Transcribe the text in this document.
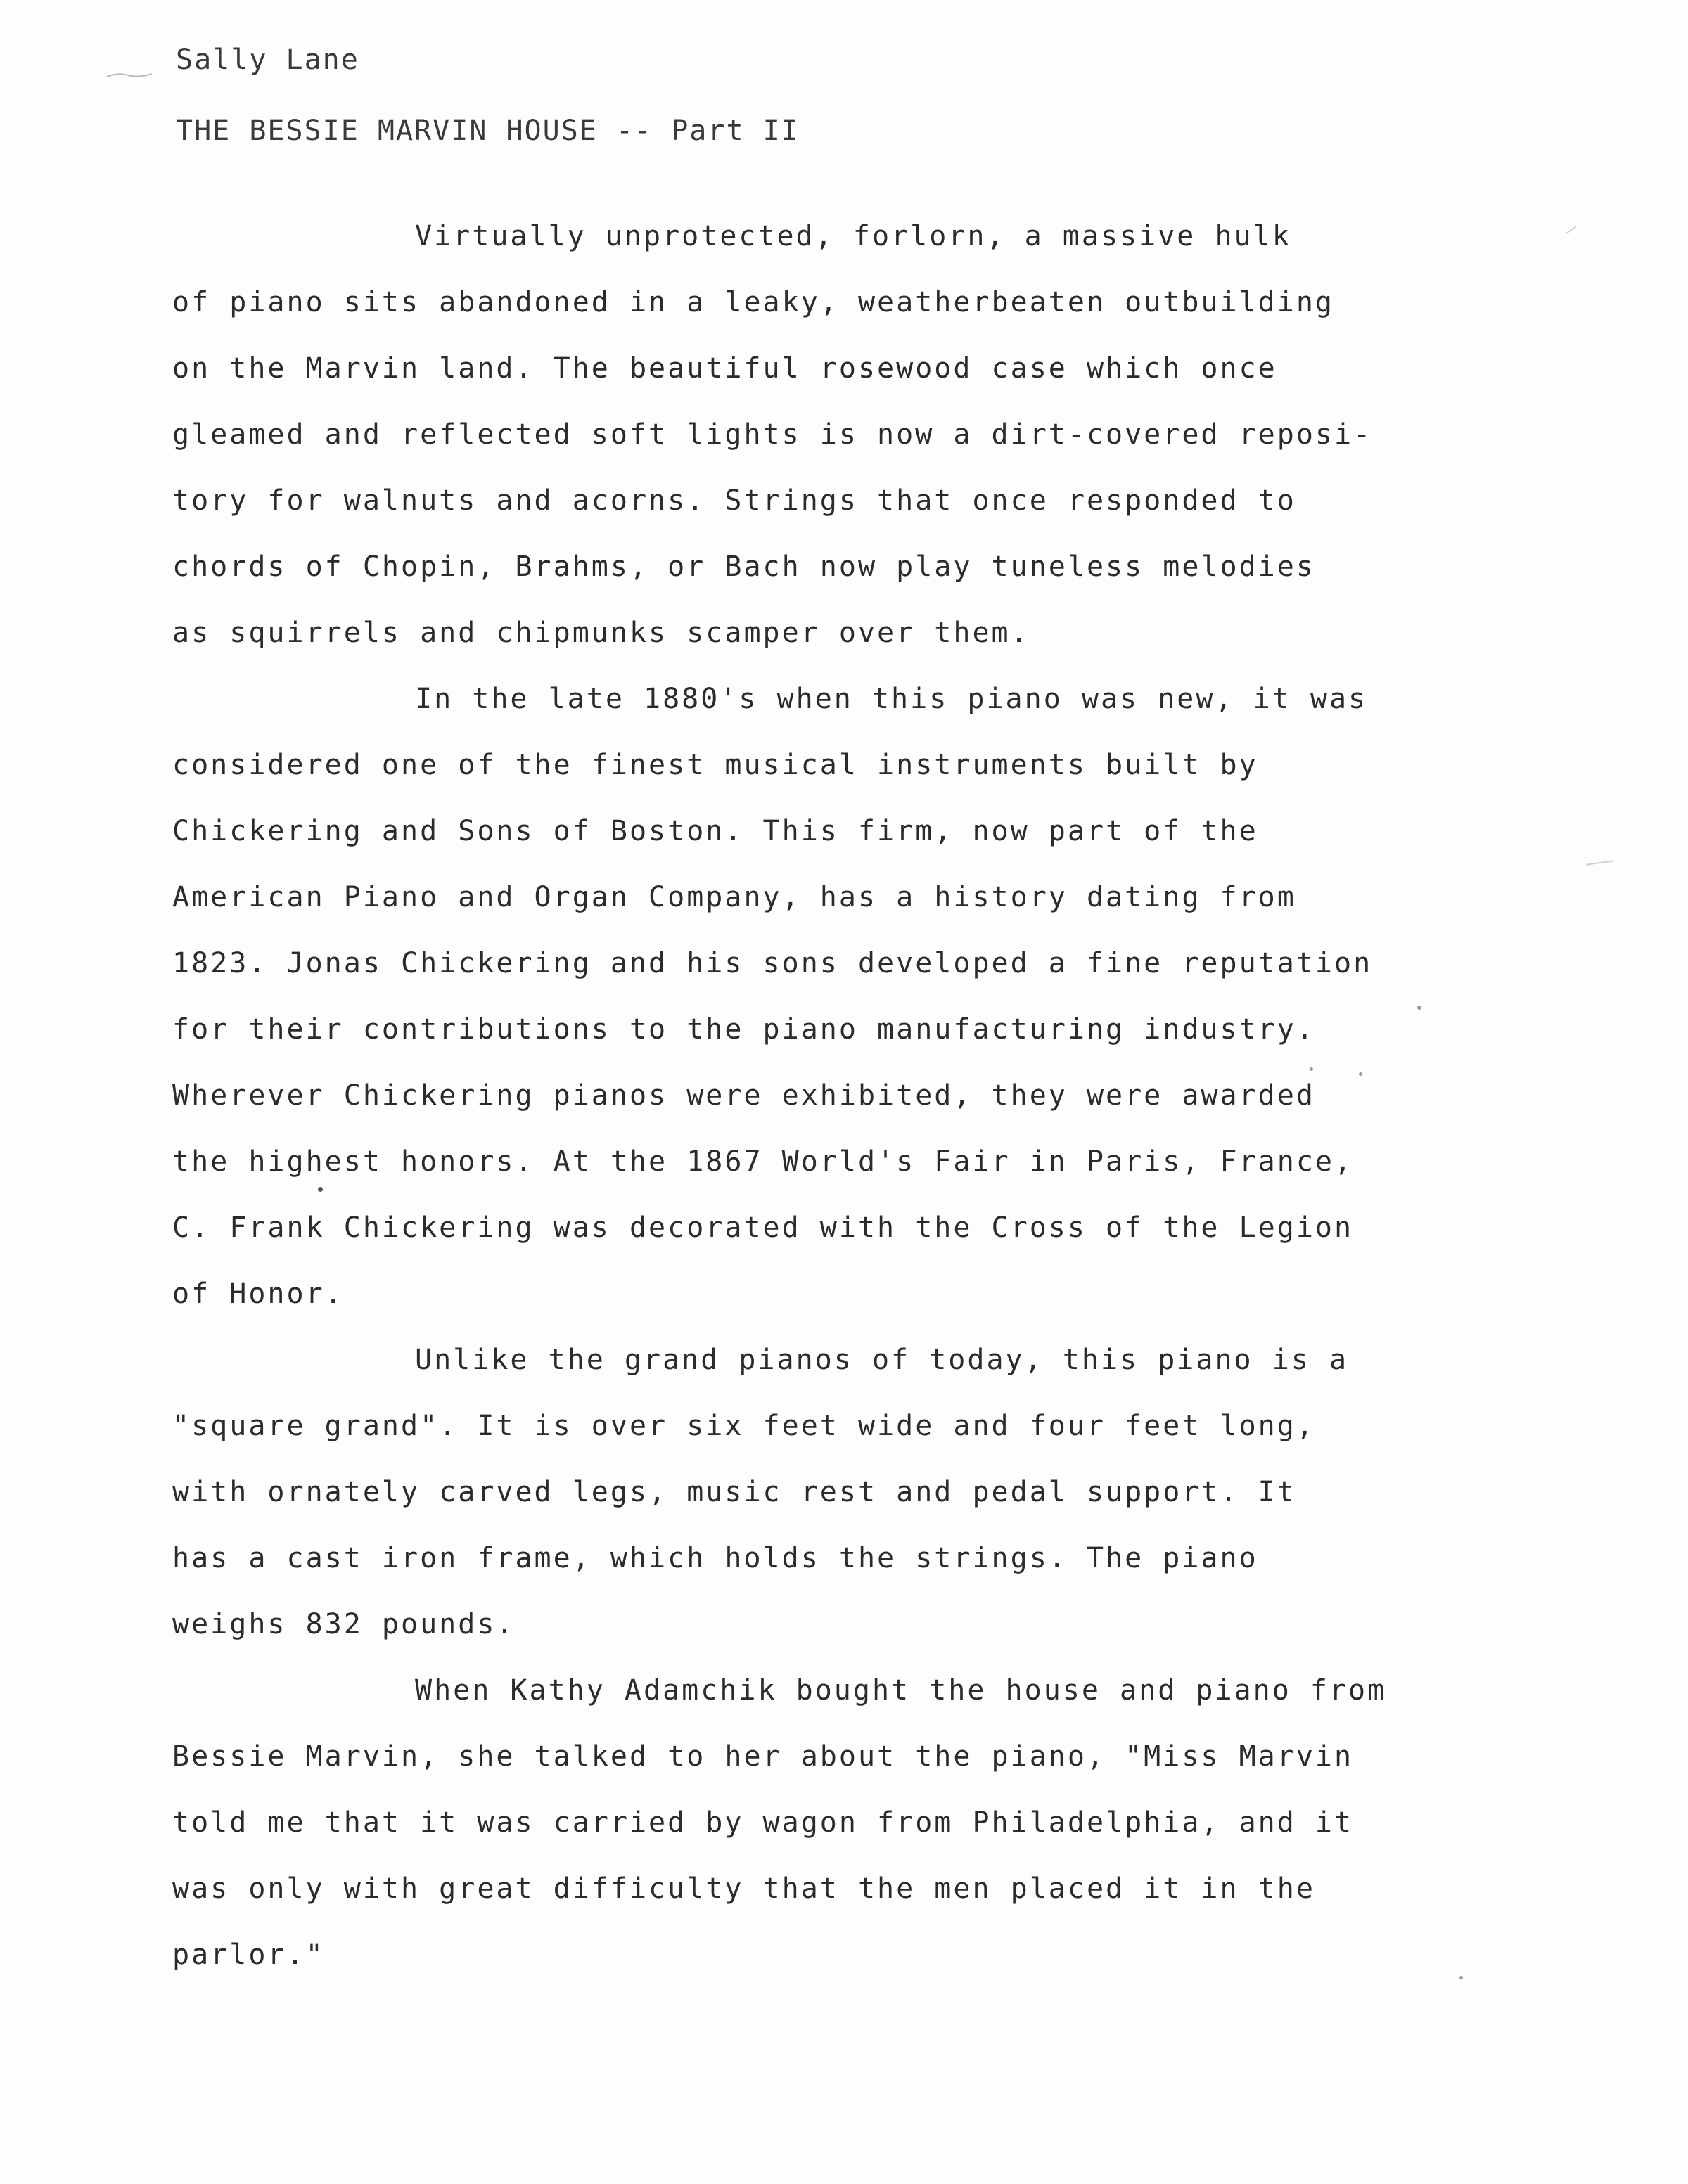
Sally Lane
THE BESSIE MARVIN HOUSE -- Part II
Virtually unprotected, forlorn, a massive hulk
of piano sits abandoned in a leaky, weatherbeaten outbuilding
on the Marvin land. The beautiful rosewood case which once
gleamed and reflected soft lights is now a dirt-covered reposi-
tory for walnuts and acorns. Strings that once responded to
chords of Chopin, Brahms, or Bach now play tuneless melodies
as squirrels and chipmunks scamper over them.
In the late 1880's when this piano was new, it was
considered one of the finest musical instruments built by
Chickering and Sons of Boston. This firm, now part of the
American Piano and Organ Company, has a history dating from
1823. Jonas Chickering and his sons developed a fine reputation
for their contributions to the piano manufacturing industry.
Wherever Chickering pianos were exhibited, they were awarded
the highest honors. At the 1867 World's Fair in Paris, France,
C. Frank Chickering was decorated with the Cross of the Legion
of Honor.
Unlike the grand pianos of today, this piano is a
"square grand". It is over six feet wide and four feet long,
with ornately carved legs, music rest and pedal support. It
has a cast iron frame, which holds the strings. The piano
weighs 832 pounds.
When Kathy Adamchik bought the house and piano from
Bessie Marvin, she talked to her about the piano, "Miss Marvin
told me that it was carried by wagon from Philadelphia, and it
was only with great difficulty that the men placed it in the
parlor."
